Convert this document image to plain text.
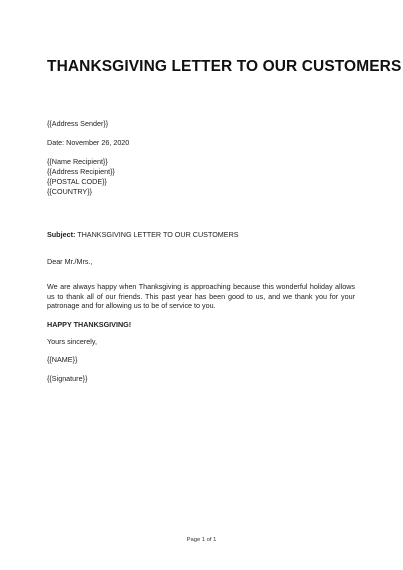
THANKSGIVING LETTER TO OUR CUSTOMERS
{{Address Sender}}
Date: November 26, 2020
{{Name Recipient}}
{{Address Recipient}}
{{POSTAL CODE}}
{{COUNTRY}}
Subject: THANKSGIVING LETTER TO OUR CUSTOMERS
Dear Mr./Mrs.,
We are always happy when Thanksgiving is approaching because this wonderful holiday allows us to thank all of our friends. This past year has been good to us, and we thank you for your patronage and for allowing us to be of service to you.
HAPPY THANKSGIVING!
Yours sincerely,
{{NAME}}
{{Signature}}
Page 1 of 1
